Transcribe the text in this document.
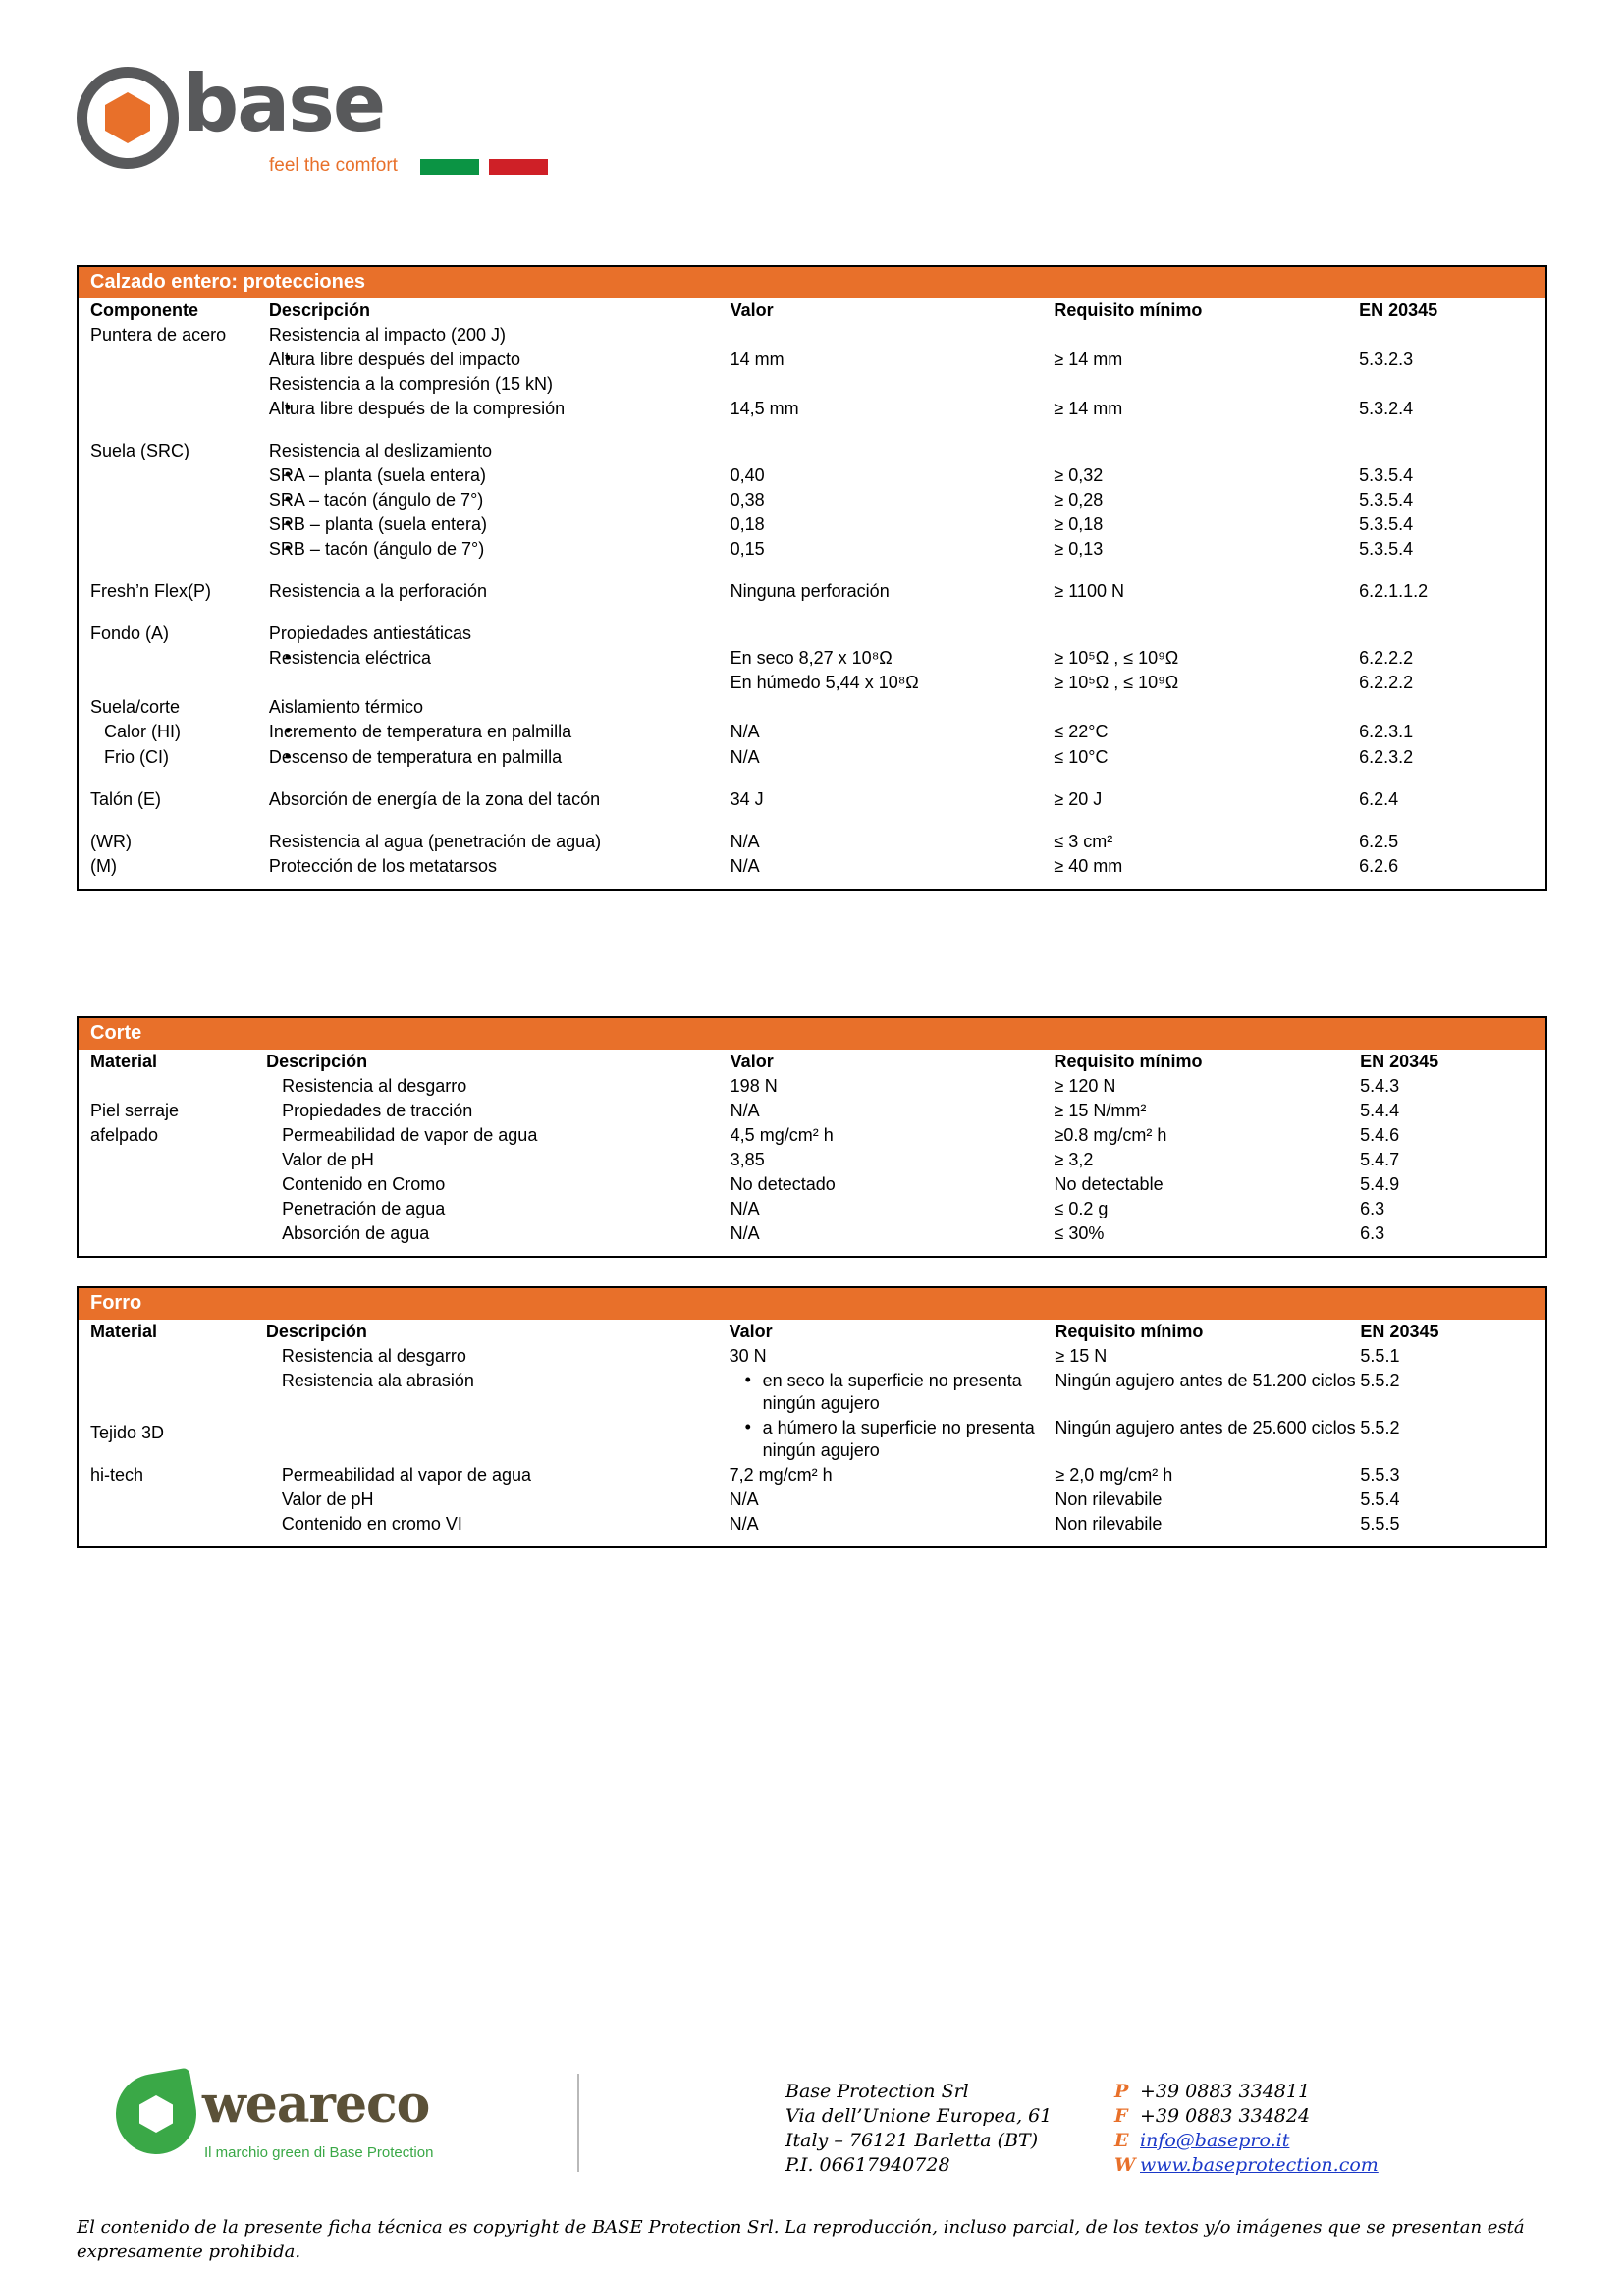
base
feel the comfort
Calzado entero: protecciones
Componente	Descripción	Valor	Requisito mínimo	EN 20345
Puntera de acero	Resistencia al impacto (200 J)			
	• Altura libre después del impacto	14 mm	≥ 14 mm	5.3.2.3
	Resistencia a la compresión (15 kN)			
	• Altura libre después de la compresión	14,5 mm	≥ 14 mm	5.3.2.4

Suela (SRC)	Resistencia al deslizamiento			
	• SRA – planta (suela entera)	0,40	≥ 0,32	5.3.5.4
	• SRA – tacón (ángulo de 7°)	0,38	≥ 0,28	5.3.5.4
	• SRB – planta (suela entera)	0,18	≥ 0,18	5.3.5.4
	• SRB – tacón (ángulo de 7°)	0,15	≥ 0,13	5.3.5.4

Fresh’n Flex(P)	Resistencia a la perforación	Ninguna perforación	≥ 1100 N	6.2.1.1.2

Fondo (A)	Propiedades antiestáticas			
	• Resistencia eléctrica	En seco 8,27 x 10⁸Ω	≥ 10⁵Ω , ≤ 10⁹Ω	6.2.2.2
		En húmedo 5,44 x 10⁸Ω	≥ 10⁵Ω , ≤ 10⁹Ω	6.2.2.2
Suela/corte	Aislamiento térmico			
Calor (HI)	• Incremento de temperatura en palmilla	N/A	≤ 22°C	6.2.3.1
Frio (CI)	• Descenso de temperatura en palmilla	N/A	≤ 10°C	6.2.3.2

Talón (E)	Absorción de energía de la zona del tacón	34 J	≥ 20 J	6.2.4

(WR)	Resistencia al agua (penetración de agua)	N/A	≤ 3 cm²	6.2.5
(M)	Protección de los metatarsos	N/A	≥ 40 mm	6.2.6

Corte
Material	Descripción	Valor	Requisito mínimo	EN 20345
	Resistencia al desgarro	198 N	≥ 120 N	5.4.3
Piel serraje	Propiedades de tracción	N/A	≥ 15 N/mm²	5.4.4
afelpado	Permeabilidad de vapor de agua	4,5 mg/cm² h	≥0.8 mg/cm² h	5.4.6
	Valor de pH	3,85	≥ 3,2	5.4.7
	Contenido en Cromo	No detectado	No detectable	5.4.9
	Penetración de agua	N/A	≤ 0.2 g	6.3
	Absorción de agua	N/A	≤ 30%	6.3

Forro
Material	Descripción	Valor	Requisito mínimo	EN 20345
	Resistencia al desgarro	30 N	≥ 15 N	5.5.1
	Resistencia ala abrasión	• en seco la superficie no presenta ningún agujero	Ningún agujero antes de 51.200 ciclos	5.5.2
Tejido 3D		• a húmero la superficie no presenta ningún agujero	Ningún agujero antes de 25.600 ciclos	5.5.2
hi-tech	Permeabilidad al vapor de agua	7,2 mg/cm² h	≥ 2,0 mg/cm² h	5.5.3
	Valor de pH	N/A	Non rilevabile	5.5.4
	Contenido en cromo VI	N/A	Non rilevabile	5.5.5

weareco
Il marchio green di Base Protection
Base Protection Srl
Via dell’Unione Europea, 61
Italy – 76121 Barletta (BT)
P.I. 06617940728
P +39 0883 334811
F +39 0883 334824
E info@basepro.it
W www.baseprotection.com
El contenido de la presente ficha técnica es copyright de BASE Protection Srl. La reproducción, incluso parcial, de los textos y/o imágenes que se presentan está expresamente prohibida.
